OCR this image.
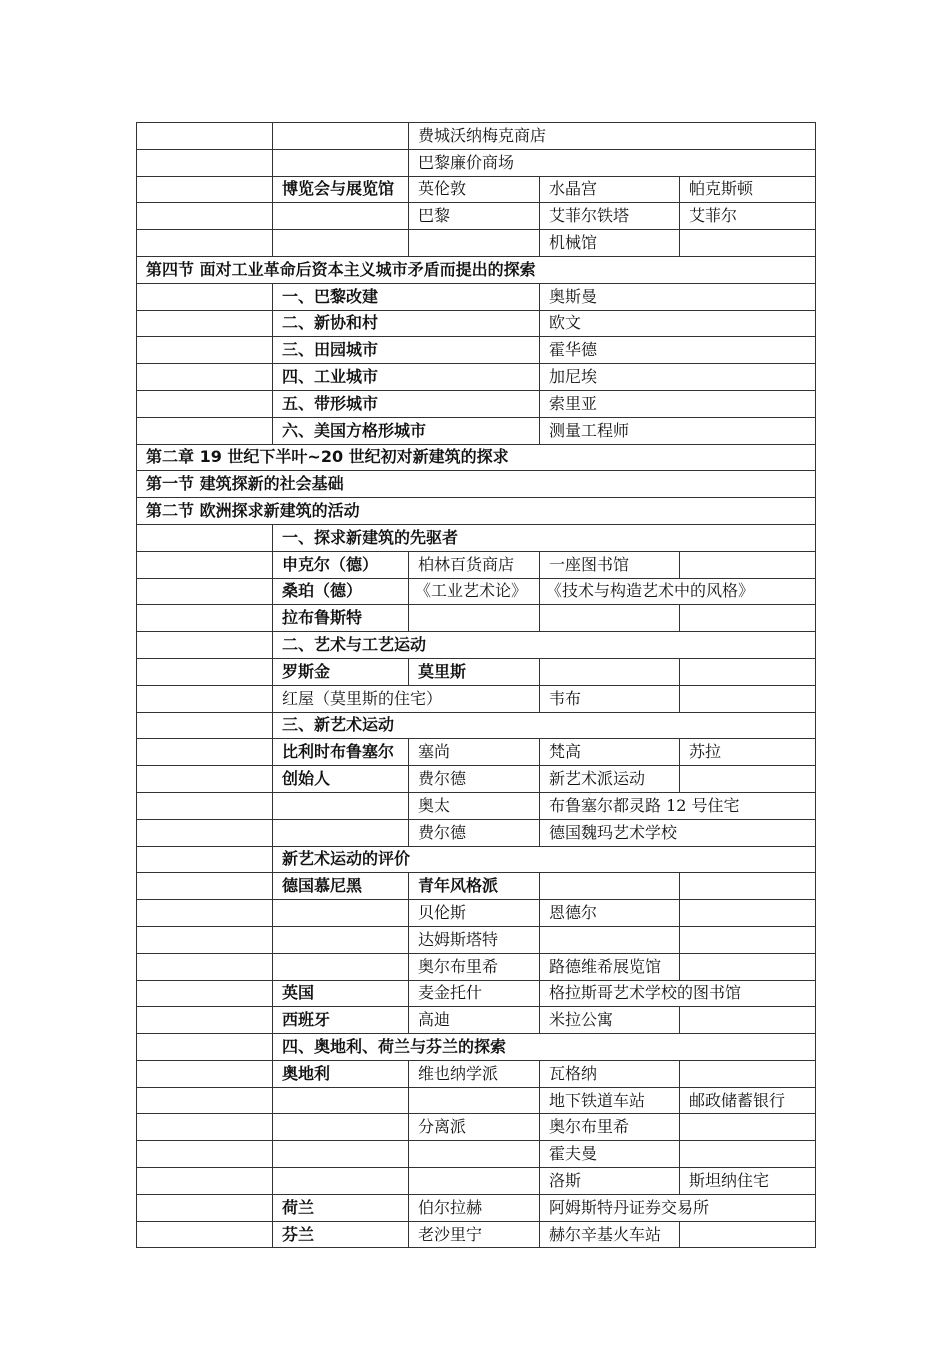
		费城沃纳梅克商店		
		巴黎廉价商场		
	博览会与展览馆	英伦敦	水晶宫	帕克斯顿
		巴黎	艾菲尔铁塔	艾菲尔
			机械馆	
第四节 面对工业革命后资本主义城市矛盾而提出的探索				
	一、巴黎改建		奥斯曼	
	二、新协和村		欧文	
	三、田园城市		霍华德	
	四、工业城市		加尼埃	
	五、带形城市		索里亚	
	六、美国方格形城市		测量工程师	
第二章 19 世纪下半叶~20 世纪初对新建筑的探求				
第一节 建筑探新的社会基础				
第二节 欧洲探求新建筑的活动				
	一、探求新建筑的先驱者			
	申克尔（德）	柏林百货商店	一座图书馆	
	桑珀（德）	《工业艺术论》	《技术与构造艺术中的风格》	
	拉布鲁斯特			
	二、艺术与工艺运动			
	罗斯金	莫里斯		
	红屋（莫里斯的住宅）		韦布	
	三、新艺术运动			
	比利时布鲁塞尔	塞尚	梵高	苏拉
	创始人	费尔德	新艺术派运动	
		奥太	布鲁塞尔都灵路 12 号住宅	
		费尔德	德国魏玛艺术学校	
	新艺术运动的评价			
	德国慕尼黑	青年风格派		
		贝伦斯	恩德尔	
		达姆斯塔特		
		奥尔布里希	路德维希展览馆	
	英国	麦金托什	格拉斯哥艺术学校的图书馆	
	西班牙	高迪	米拉公寓	
	四、奥地利、荷兰与芬兰的探索			
	奥地利	维也纳学派	瓦格纳	
			地下铁道车站	邮政储蓄银行
		分离派	奥尔布里希	
			霍夫曼	
			洛斯	斯坦纳住宅
	荷兰	伯尔拉赫	阿姆斯特丹证券交易所	
	芬兰	老沙里宁	赫尔辛基火车站	
